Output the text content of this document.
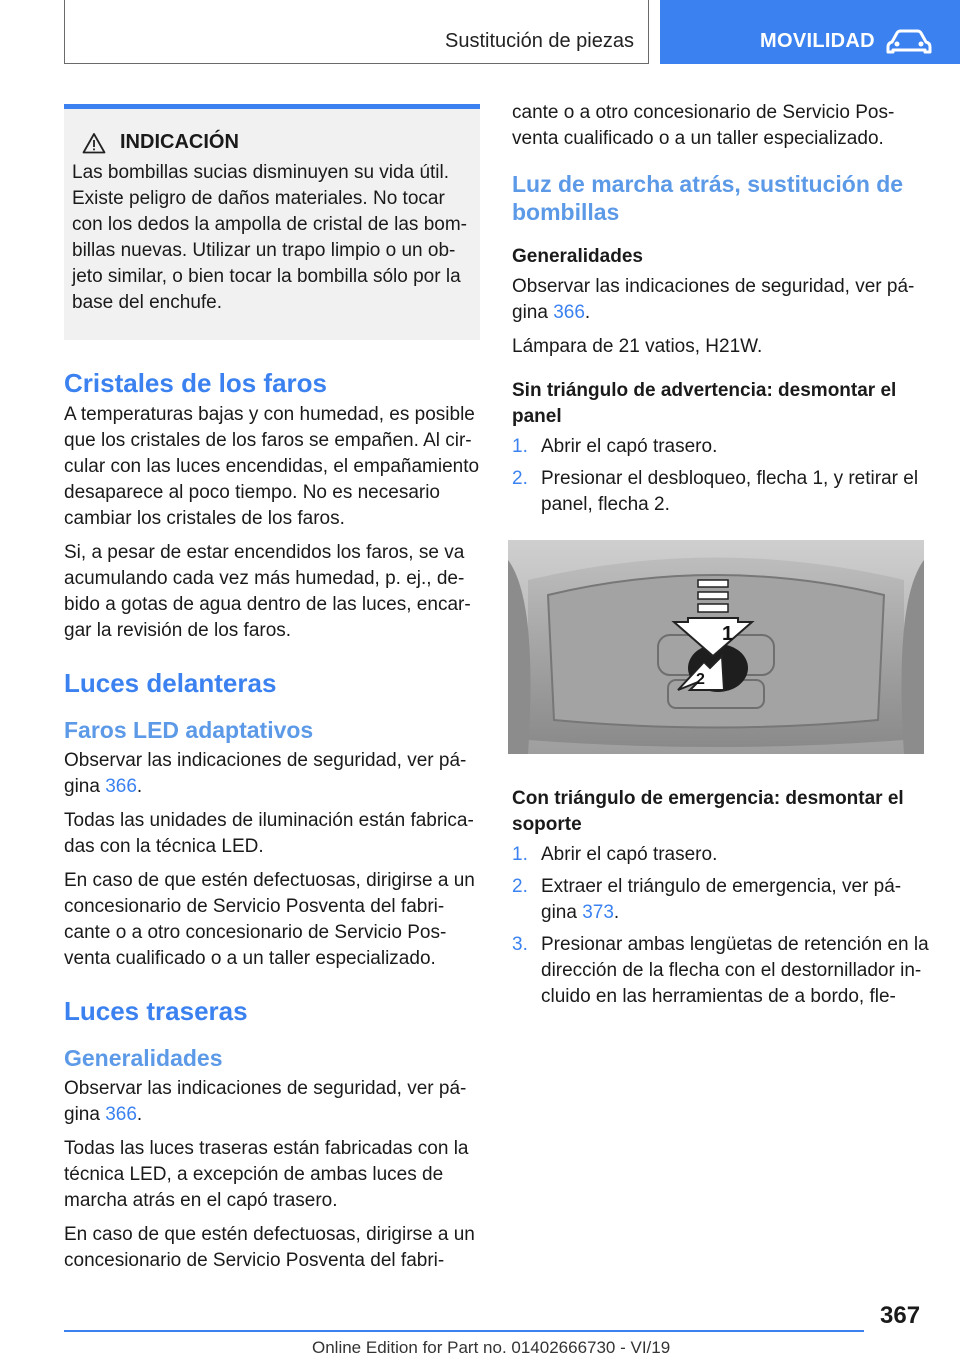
Sustitución de piezas	MOVILIDAD
INDICACIÓN

Las bombillas sucias disminuyen su vida útil. Existe peligro de daños materiales. No tocar con los dedos la ampolla de cristal de las bom-billas nuevas. Utilizar un trapo limpio o un ob-jeto similar, o bien tocar la bombilla sólo por la base del enchufe.

Cristales de los faros

A temperaturas bajas y con humedad, es posible que los cristales de los faros se empañen. Al cir-cular con las luces encendidas, el empañamiento desaparece al poco tiempo. No es necesario cambiar los cristales de los faros.

Si, a pesar de estar encendidos los faros, se va acumulando cada vez más humedad, p. ej., de-bido a gotas de agua dentro de las luces, encar-gar la revisión de los faros.

Luces delanteras
Faros LED adaptativos

Observar las indicaciones de seguridad, ver pá-gina 366.

Todas las unidades de iluminación están fabrica-das con la técnica LED.

En caso de que estén defectuosas, dirigirse a un concesionario de Servicio Posventa del fabri-cante o a otro concesionario de Servicio Pos-venta cualificado o a un taller especializado.

Luces traseras
Generalidades

Observar las indicaciones de seguridad, ver pá-gina 366.

Todas las luces traseras están fabricadas con la técnica LED, a excepción de ambas luces de marcha atrás en el capó trasero.

En caso de que estén defectuosas, dirigirse a un concesionario de Servicio Posventa del fabri-

cante o a otro concesionario de Servicio Pos-venta cualificado o a un taller especializado.

Luz de marcha atrás, sustitución de bombillas
Generalidades

Observar las indicaciones de seguridad, ver pá-gina 366.

Lámpara de 21 vatios, H21W.

Sin triángulo de advertencia: desmontar el panel
1. Abrir el capó trasero.
2. Presionar el desbloqueo, flecha 1, y retirar el panel, flecha 2.
1
2
Con triángulo de emergencia: desmontar el soporte
1. Abrir el capó trasero.
2. Extraer el triángulo de emergencia, ver pá-gina 373.
3. Presionar ambas lengüetas de retención en la dirección de la flecha con el destornillador in-cluido en las herramientas de a bordo, fle-
367
Online Edition for Part no. 01402666730 - VI/19
